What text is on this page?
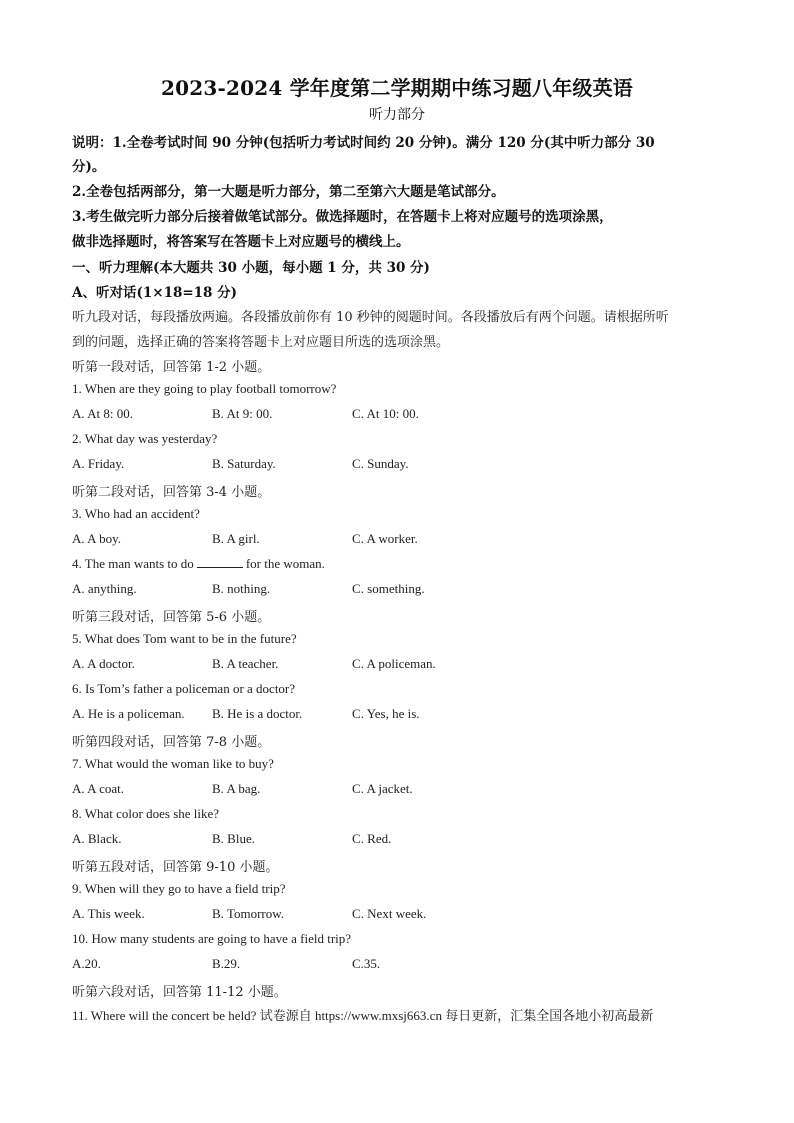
2023-2024 学年度第二学期期中练习题八年级英语
听力部分
说明：1.全卷考试时间 90 分钟(包括听力考试时间约 20 分钟)。满分 120 分(其中听力部分 30
分)。
2.全卷包括两部分，第一大题是听力部分，第二至第六大题是笔试部分。
3.考生做完听力部分后接着做笔试部分。做选择题时，在答题卡上将对应题号的选项涂黑，
做非选择题时，将答案写在答题卡上对应题号的横线上。
一、听力理解(本大题共 30 小题，每小题 1 分，共 30 分)
A、听对话(1×18=18 分)
听九段对话，每段播放两遍。各段播放前你有 10 秒钟的阅题时间。各段播放后有两个问题。请根据所听
到的问题，选择正确的答案将答题卡上对应题目所选的选项涂黑。
听第一段对话，回答第 1-2 小题。
1. When are they going to play football tomorrow?
A. At 8: 00.	B. At 9: 00.	C. At 10: 00.
2. What day was yesterday?
A. Friday.	B. Saturday.	C. Sunday.
听第二段对话，回答第 3-4 小题。
3. Who had an accident?
A. A boy.	B. A girl.	C. A worker.
4. The man wants to do	for the woman.
A. anything.	B. nothing.	C. something.
听第三段对话，回答第 5-6 小题。
5. What does Tom want to be in the future?
A. A doctor.	B. A teacher.	C. A policeman.
6. Is Tom’s father a policeman or a doctor?
A. He is a policeman. B. He is a doctor.	C. Yes, he is.
听第四段对话，回答第 7-8 小题。
7. What would the woman like to buy?
A. A coat.	B. A bag.	C. A jacket.
8. What color does she like?
A. Black.	B. Blue.	C. Red.
听第五段对话，回答第 9-10 小题。
9. When will they go to have a field trip?
A. This week.	B. Tomorrow.	C. Next week.
10. How many students are going to have a field trip?
A.20.	B.29.	C.35.
听第六段对话，回答第 11-12 小题。
11. Where will the concert be held? 试卷源自 https://www.mxsj663.cn 每日更新，汇集全国各地小初高最新
